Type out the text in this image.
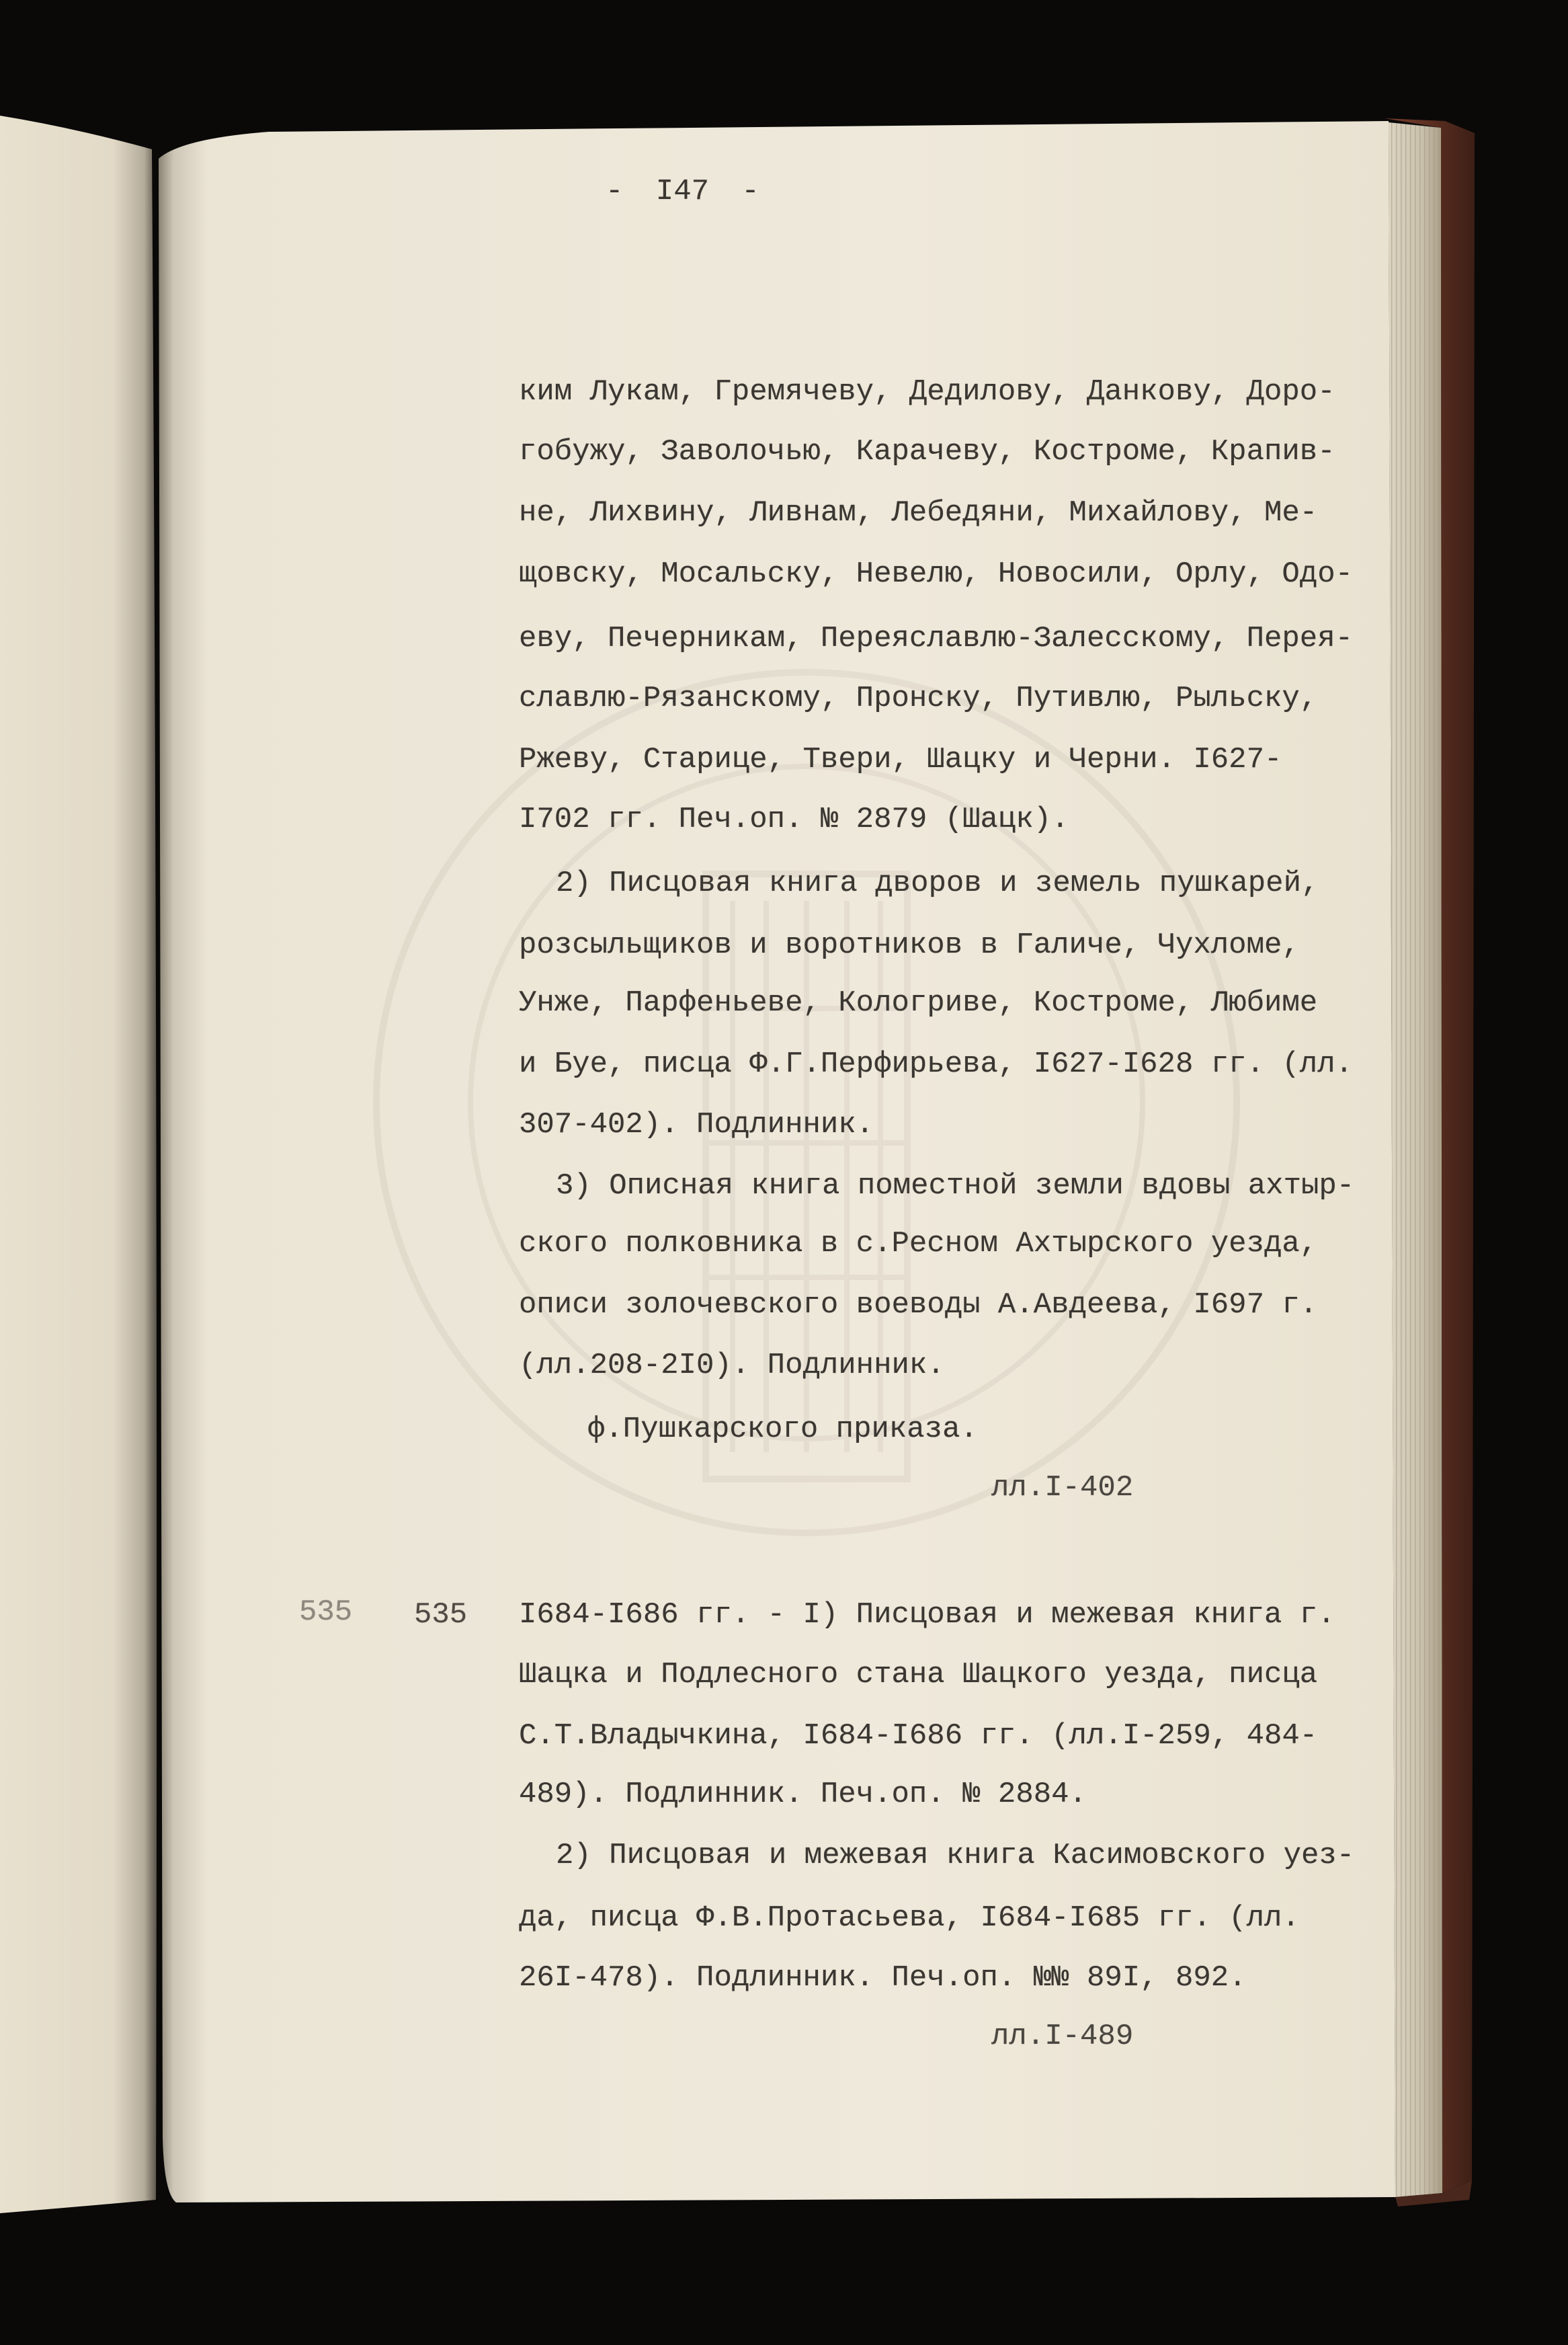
- I47 -
ким Лукам, Гремячеву, Дедилову, Данкову, Доро-
гобужу, Заволочью, Карачеву, Костроме, Крапив-
не, Лихвину, Ливнам, Лебедяни, Михайлову, Ме-
щовску, Мосальску, Невелю, Новосили, Орлу, Одо-
еву, Печерникам, Переяславлю-Залесскому, Перея-
славлю-Рязанскому, Пронску, Путивлю, Рыльску,
Ржеву, Старице, Твери, Шацку и Черни. I627-
I702 гг. Печ.оп. № 2879 (Шацк).
2) Писцовая книга дворов и земель пушкарей,
розсыльщиков и воротников в Галиче, Чухломе,
Унже, Парфеньеве, Кологриве, Костроме, Любиме
и Буе, писца Ф.Г.Перфирьева, I627-I628 гг. (лл.
307-402). Подлинник.
3) Описная книга поместной земли вдовы ахтыр-
ского полковника в с.Ресном Ахтырского уезда,
описи золочевского воеводы А.Авдеева, I697 г.
(лл.208-2I0). Подлинник.
ф.Пушкарского приказа.
лл.I-402
535 535 I684-I686 гг. - I) Писцовая и межевая книга г.
Шацка и Подлесного стана Шацкого уезда, писца
С.Т.Владычкина, I684-I686 гг. (лл.I-259, 484-
489). Подлинник. Печ.оп. № 2884.
2) Писцовая и межевая книга Касимовского уез-
да, писца Ф.В.Протасьева, I684-I685 гг. (лл.
26I-478). Подлинник. Печ.оп. №№ 89I, 892.
лл.I-489
